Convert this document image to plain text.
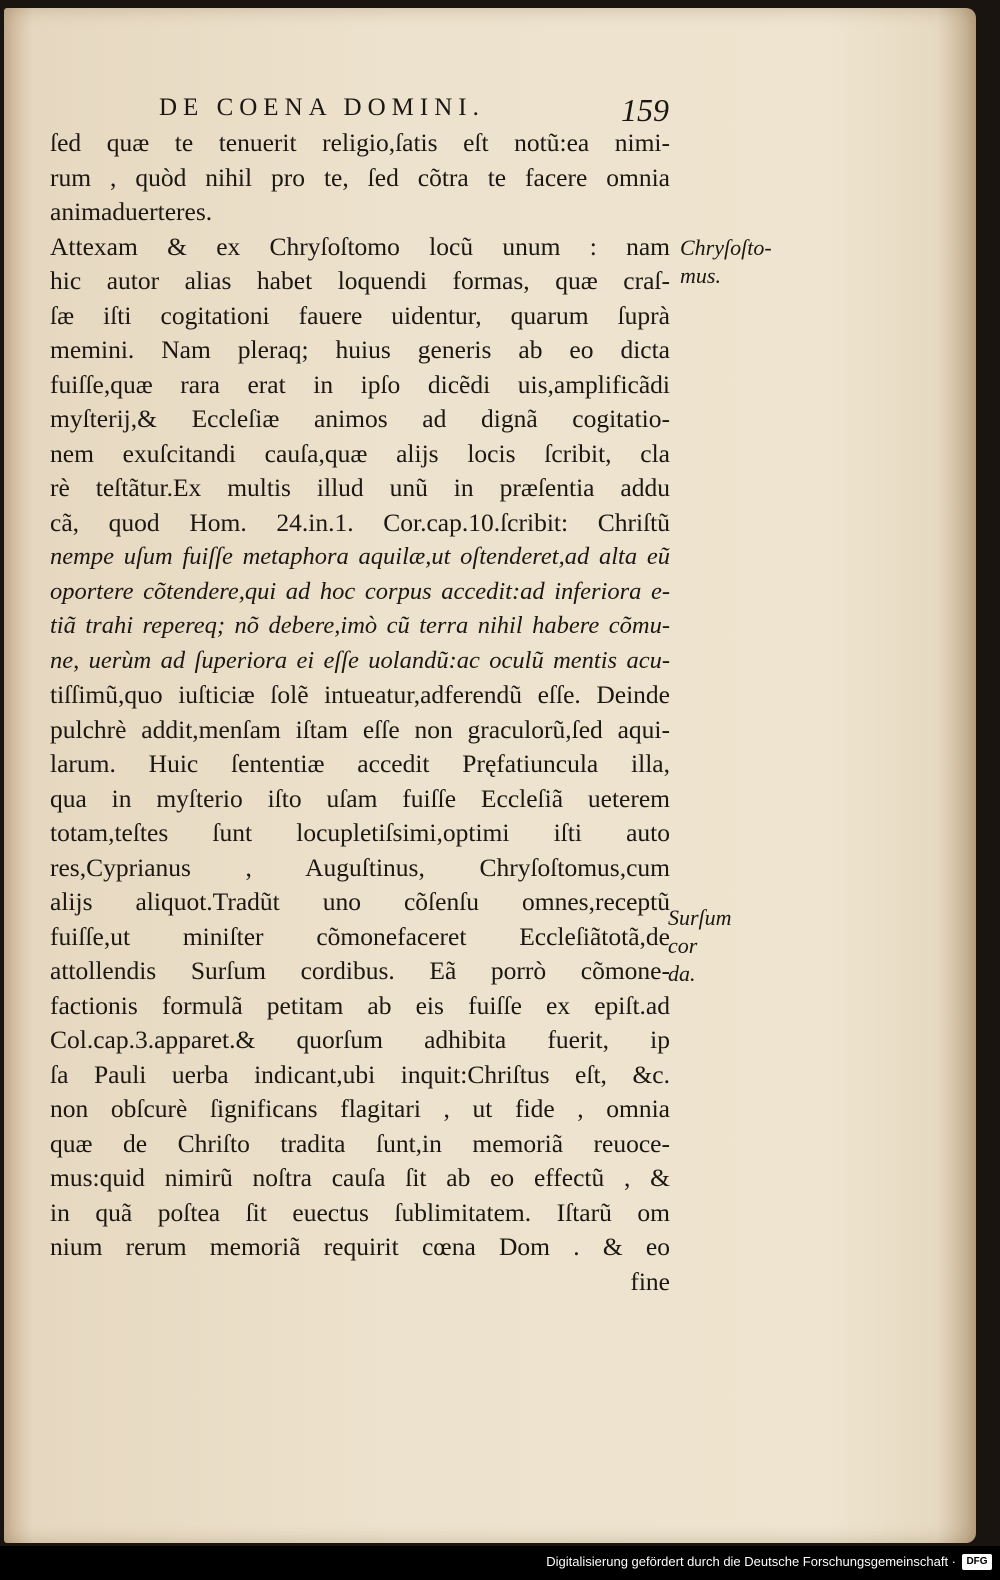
DE COENA DOMINI.	159
ſed quæ te tenuerit religio,ſatis eſt notũ:ea nimi-
rum , quòd nihil pro te, ſed cõtra te facere omnia
animaduerteres.
Attexam & ex Chryſoſtomo locũ unum : nam
hic autor alias habet loquendi formas, quæ craſ-
ſæ iſti cogitationi fauere uidentur, quarum ſuprà
memini. Nam pleraq; huius generis ab eo dicta
fuiſſe,quæ rara erat in ipſo dicẽdi uis,amplificãdi
myſterij,& Eccleſiæ animos ad dignã cogitatio-
nem exuſcitandi cauſa,quæ alijs locis ſcribit, cla
rè teſtãtur.Ex multis illud unũ in præſentia addu
cã, quod Hom. 24.in.1. Cor.cap.10.ſcribit: Chriſtũ
nempe uſum fuiſſe metaphora aquilæ,ut oſtenderet,ad alta eũ
oportere cõtendere,qui ad hoc corpus accedit:ad inferiora e-
tiã trahi repereq; nõ debere,imò cũ terra nihil habere cõmu-
ne, uerùm ad ſuperiora ei eſſe uolandũ:ac oculũ mentis acu-
tiſſimũ,quo iuſticiæ ſolẽ intueatur,adferendũ eſſe. Deinde
pulchrè addit,menſam iſtam eſſe non graculorũ,ſed aqui-
larum. Huic ſententiæ accedit Pręfatiuncula illa,
qua in myſterio iſto uſam fuiſſe Eccleſiã ueterem
totam,teſtes ſunt locupletiſsimi,optimi iſti auto
res,Cyprianus , Auguſtinus, Chryſoſtomus,cum
alijs aliquot.Tradũt uno cõſenſu omnes,receptũ
fuiſſe,ut miniſter cõmonefaceret Eccleſiãtotã,de
attollendis Surſum cordibus. Eã porrò cõmone-
factionis formulã petitam ab eis fuiſſe ex epiſt.ad
Col.cap.3.apparet.& quorſum adhibita fuerit, ip
ſa Pauli uerba indicant,ubi inquit:Chriſtus eſt, &c.
non obſcurè ſignificans flagitari , ut fide , omnia
quæ de Chriſto tradita ſunt,in memoriã reuoce-
mus:quid nimirũ noſtra cauſa ſit ab eo effectũ , &
in quã poſtea ſit euectus ſublimitatem. Iſtarũ om
nium rerum memoriã requirit cœna Dom . & eo
fine
Chryſoſto-
mus.
Surſum
cor
da.
Digitalisierung gefördert durch die Deutsche Forschungsgemeinschaft ·	DFG
